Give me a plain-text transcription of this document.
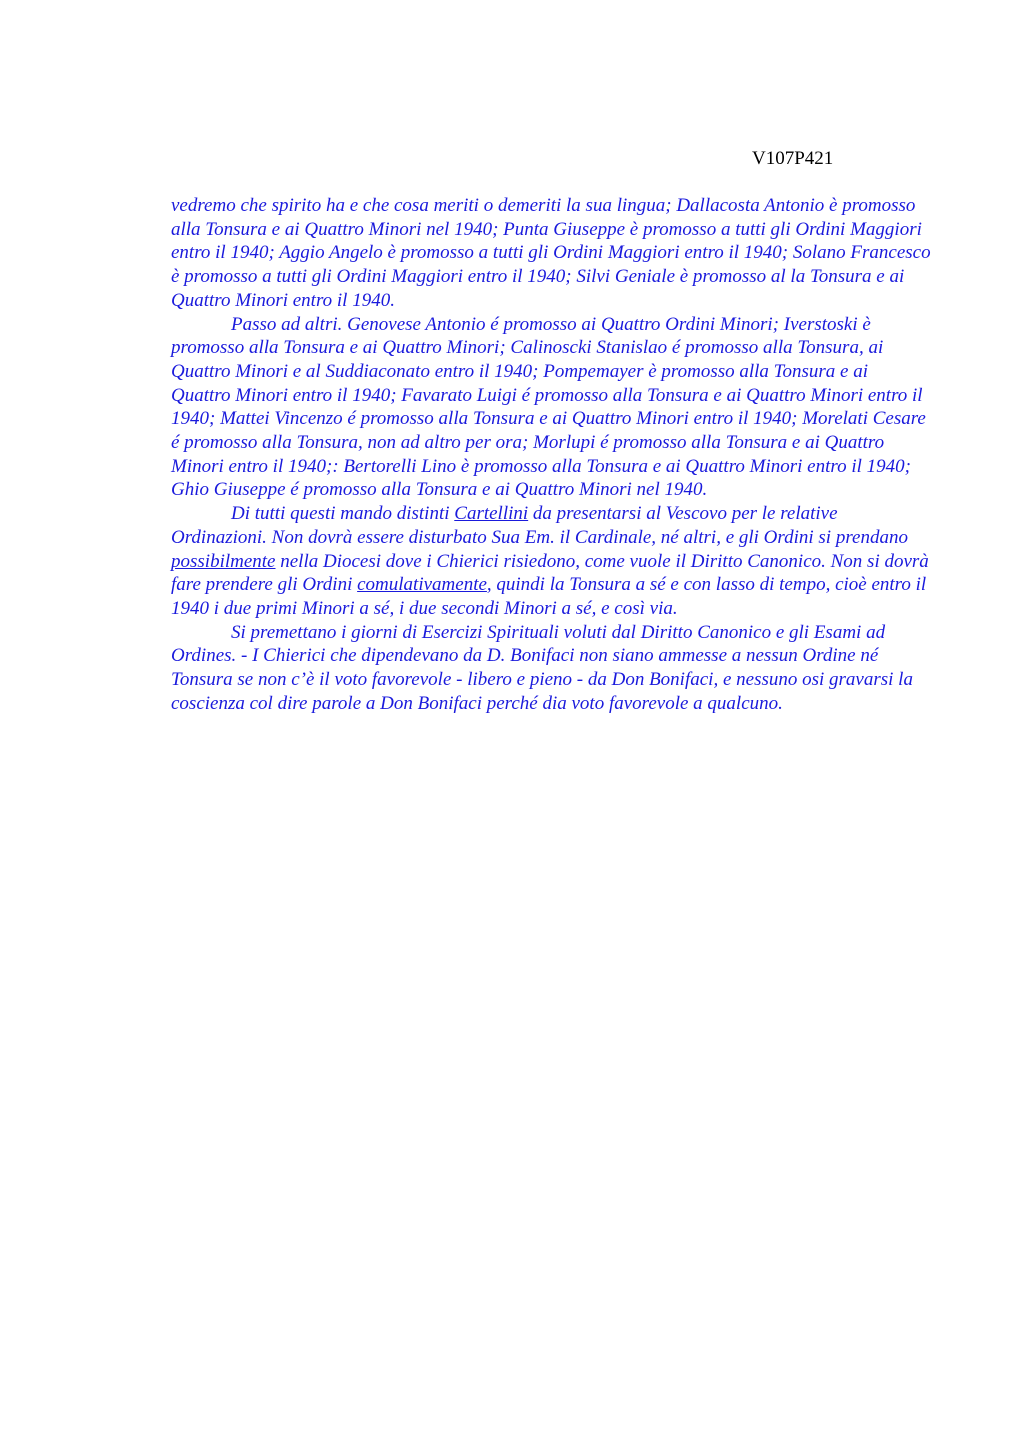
V107P421

vedremo che spirito ha e che cosa meriti o demeriti la sua lingua; Dallacosta Antonio è promosso alla Tonsura e ai Quattro Minori nel 1940; Punta Giuseppe è promosso a tutti gli Ordini Maggiori entro il 1940; Aggio Angelo è promosso a tutti gli Ordini Maggiori entro il 1940; Solano Francesco è promosso a tutti gli Ordini Maggiori entro il 1940; Silvi Geniale è promosso al la Tonsura e ai Quattro Minori entro il 1940.

Passo ad altri. Genovese Antonio é promosso ai Quattro Ordini Minori; Iverstoski è promosso alla Tonsura e ai Quattro Minori; Calinoscki Stanislao é promosso alla Tonsura, ai Quattro Minori e al Suddiaconato entro il 1940; Pompemayer è promosso alla Tonsura e ai Quattro Minori entro il 1940; Favarato Luigi é promosso alla Tonsura e ai Quattro Minori entro il 1940; Mattei Vincenzo é promosso alla Tonsura e ai Quattro Minori entro il 1940; Morelati Cesare é promosso alla Tonsura, non ad altro per ora; Morlupi é promosso alla Tonsura e ai Quattro Minori entro il 1940;: Bertorelli Lino è promosso alla Tonsura e ai Quattro Minori entro il 1940; Ghio Giuseppe é promosso alla Tonsura e ai Quattro Minori nel 1940.

Di tutti questi mando distinti Cartellini da presentarsi al Vescovo per le relative Ordinazioni. Non dovrà essere disturbato Sua Em. il Cardinale, né altri, e gli Ordini si prendano possibilmente nella Diocesi dove i Chierici risiedono, come vuole il Diritto Canonico. Non si dovrà fare prendere gli Ordini comulativamente, quindi la Tonsura a sé e con lasso di tempo, cioè entro il 1940 i due primi Minori a sé, i due secondi Minori a sé, e così via.

Si premettano i giorni di Esercizi Spirituali voluti dal Diritto Canonico e gli Esami ad Ordines. - I Chierici che dipendevano da D. Bonifaci non siano ammesse a nessun Ordine né Tonsura se non c’è il voto favorevole - libero e pieno - da Don Bonifaci, e nessuno osi gravarsi la coscienza col dire parole a Don Bonifaci perché dia voto favorevole a qualcuno.
